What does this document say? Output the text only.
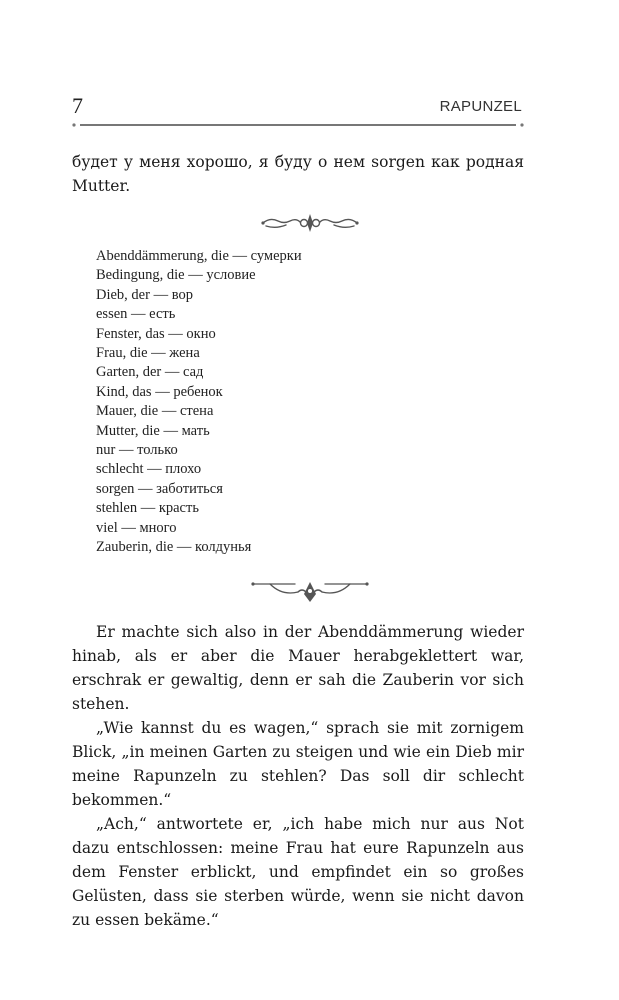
7	RAPUNZEL

будет у меня хорошо, я буду о нем sorgen как родная Mutter.

Abenddämmerung, die — сумерки
Bedingung, die — условие
Dieb, der — вор
essen — есть
Fenster, das — окно
Frau, die — жена
Garten, der — сад
Kind, das — ребенок
Mauer, die — стена
Mutter, die — мать
nur — только
schlecht — плохо
sorgen — заботиться
stehlen — красть
viel — много
Zauberin, die — колдунья

Er machte sich also in der Abenddämmerung wieder hinab, als er aber die Mauer herabgeklettert war, erschrak er gewaltig, denn er sah die Zauberin vor sich stehen.

„Wie kannst du es wagen,“ sprach sie mit zornigem Blick, „in meinen Garten zu steigen und wie ein Dieb mir meine Rapunzeln zu stehlen? Das soll dir schlecht bekommen.“

„Ach,“ antwortete er, „ich habe mich nur aus Not dazu entschlossen: meine Frau hat eure Rapunzeln aus dem Fenster erblickt, und empfindet ein so großes Gelüsten, dass sie sterben würde, wenn sie nicht davon zu essen bekäme.“
